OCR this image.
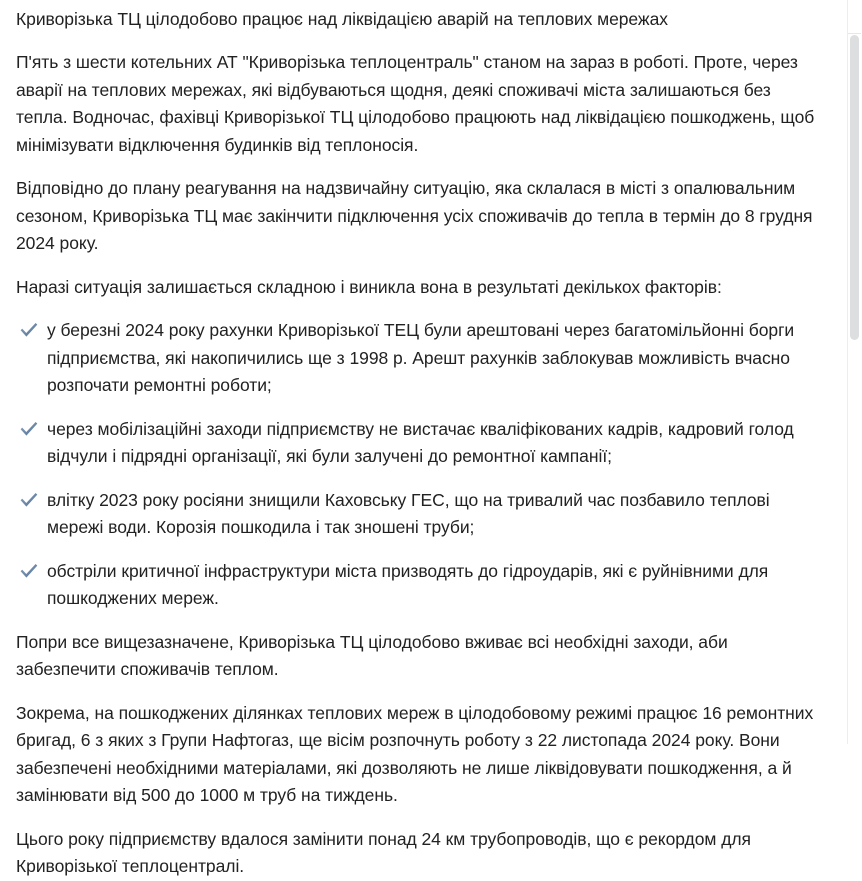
Криворізька ТЦ цілодобово працює над ліквідацією аварій на теплових мережах

П'ять з шести котельних АТ "Криворізька теплоцентраль" станом на зараз в роботі. Проте, через аварії на теплових мережах, які відбуваються щодня, деякі споживачі міста залишаються без тепла. Водночас, фахівці Криворізької ТЦ цілодобово працюють над ліквідацією пошкоджень, щоб мінімізувати відключення будинків від теплоносія.

Відповідно до плану реагування на надзвичайну ситуацію, яка склалася в місті з опалювальним сезоном, Криворізька ТЦ має закінчити підключення усіх споживачів до тепла в термін до 8 грудня 2024 року.

Наразі ситуація залишається складною і виникла вона в результаті декількох факторів:

у березні 2024 року рахунки Криворізької ТЕЦ були арештовані через багатомільйонні борги підприємства, які накопичились ще з 1998 р. Арешт рахунків заблокував можливість вчасно розпочати ремонтні роботи;

через мобілізаційні заходи підприємству не вистачає кваліфікованих кадрів, кадровий голод відчули і підрядні організації, які були залучені до ремонтної кампанії;

влітку 2023 року росіяни знищили Каховську ГЕС, що на тривалий час позбавило теплові мережі води. Корозія пошкодила і так зношені труби;

обстріли критичної інфраструктури міста призводять до гідроударів, які є руйнівними для пошкоджених мереж.

Попри все вищезазначене, Криворізька ТЦ цілодобово вживає всі необхідні заходи, аби забезпечити споживачів теплом.

Зокрема, на пошкоджених ділянках теплових мереж в цілодобовому режимі працює 16 ремонтних бригад, 6 з яких з Групи Нафтогаз, ще вісім розпочнуть роботу з 22 листопада 2024 року. Вони забезпечені необхідними матеріалами, які дозволяють не лише ліквідовувати пошкодження, а й замінювати від 500 до 1000 м труб на тиждень.

Цього року підприємству вдалося замінити понад 24 км трубопроводів, що є рекордом для Криворізької теплоцентралі.
